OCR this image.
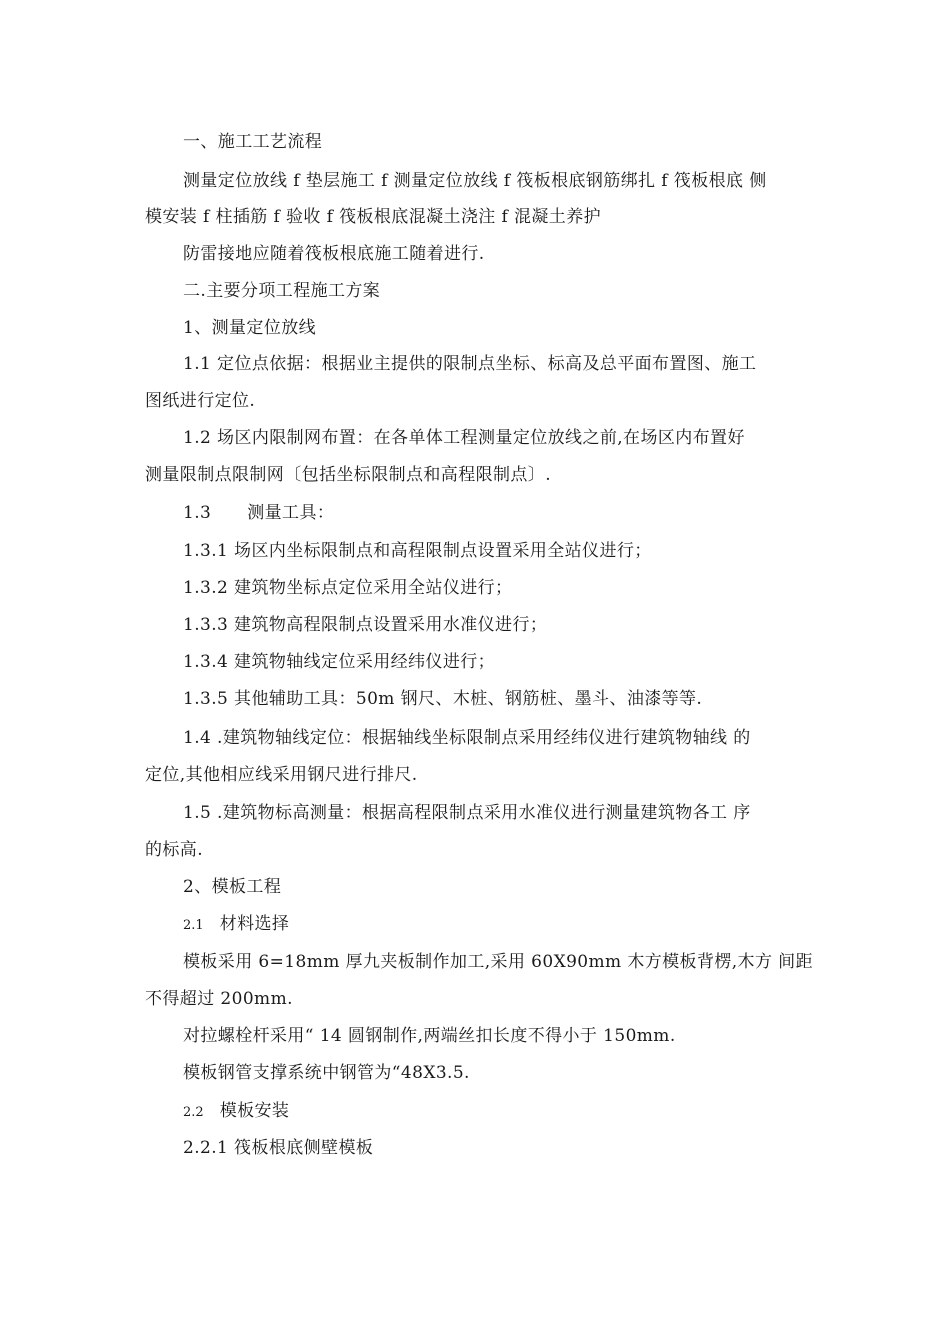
一、施工工艺流程
测量定位放线 f 垫层施工 f 测量定位放线 f 筏板根底钢筋绑扎 f 筏板根底 侧
模安装 f 柱插筋 f 验收 f 筏板根底混凝土浇注 f 混凝土养护
防雷接地应随着筏板根底施工随着进行.
二.主要分项工程施工方案
1、测量定位放线
1.1 定位点依据：根据业主提供的限制点坐标、标高及总平面布置图、施工
图纸进行定位.
1.2 场区内限制网布置：在各单体工程测量定位放线之前,在场区内布置好
测量限制点限制网〔包括坐标限制点和高程限制点〕.
1.3 测量工具：
1.3.1 场区内坐标限制点和高程限制点设置采用全站仪进行；
1.3.2 建筑物坐标点定位采用全站仪进行；
1.3.3 建筑物高程限制点设置采用水准仪进行；
1.3.4 建筑物轴线定位采用经纬仪进行；
1.3.5 其他辅助工具：50m 钢尺、木桩、钢筋桩、墨斗、油漆等等.
1.4 .建筑物轴线定位：根据轴线坐标限制点采用经纬仪进行建筑物轴线 的
定位,其他相应线采用钢尺进行排尺.
1.5 .建筑物标高测量：根据高程限制点采用水准仪进行测量建筑物各工 序
的标高.
2、模板工程
2.1 材料选择
模板采用 6=18mm 厚九夹板制作加工,采用 60X90mm 木方模板背楞,木方 间距
不得超过 200mm.
对拉螺栓杆采用“ 14 圆钢制作,两端丝扣长度不得小于 150mm.
模板钢管支撑系统中钢管为“48X3.5.
2.2 模板安装
2.2.1 筏板根底侧壁模板
